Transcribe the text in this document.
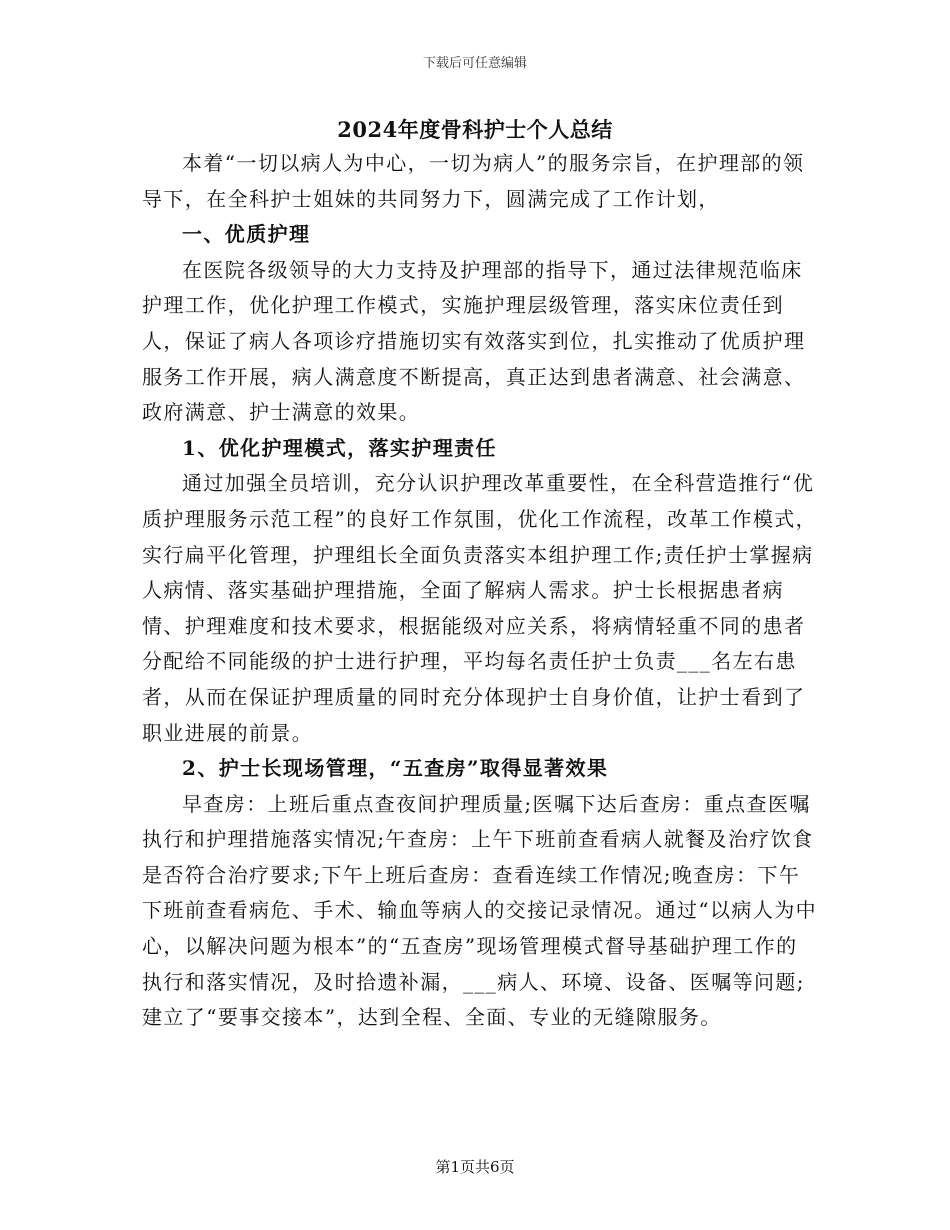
下载后可任意编辑
2024年度骨科护士个人总结

本着“一切以病人为中心，一切为病人”的服务宗旨，在护理部的领导下，在全科护士姐妹的共同努力下，圆满完成了工作计划，

一、优质护理

在医院各级领导的大力支持及护理部的指导下，通过法律规范临床护理工作，优化护理工作模式，实施护理层级管理，落实床位责任到人，保证了病人各项诊疗措施切实有效落实到位，扎实推动了优质护理服务工作开展，病人满意度不断提高，真正达到患者满意、社会满意、政府满意、护士满意的效果。

1、优化护理模式，落实护理责任

通过加强全员培训，充分认识护理改革重要性，在全科营造推行“优质护理服务示范工程”的良好工作氛围，优化工作流程，改革工作模式，实行扁平化管理，护理组长全面负责落实本组护理工作;责任护士掌握病人病情、落实基础护理措施，全面了解病人需求。护士长根据患者病情、护理难度和技术要求，根据能级对应关系，将病情轻重不同的患者分配给不同能级的护士进行护理，平均每名责任护士负责___名左右患者，从而在保证护理质量的同时充分体现护士自身价值，让护士看到了职业进展的前景。

2、护士长现场管理，“五查房”取得显著效果

早查房：上班后重点查夜间护理质量;医嘱下达后查房：重点查医嘱执行和护理措施落实情况;午查房：上午下班前查看病人就餐及治疗饮食是否符合治疗要求;下午上班后查房：查看连续工作情况;晚查房：下午下班前查看病危、手术、输血等病人的交接记录情况。通过“以病人为中心，以解决问题为根本”的“五查房”现场管理模式督导基础护理工作的执行和落实情况，及时拾遗补漏，___病人、环境、设备、医嘱等问题;建立了“要事交接本”，达到全程、全面、专业的无缝隙服务。

第1页共6页
